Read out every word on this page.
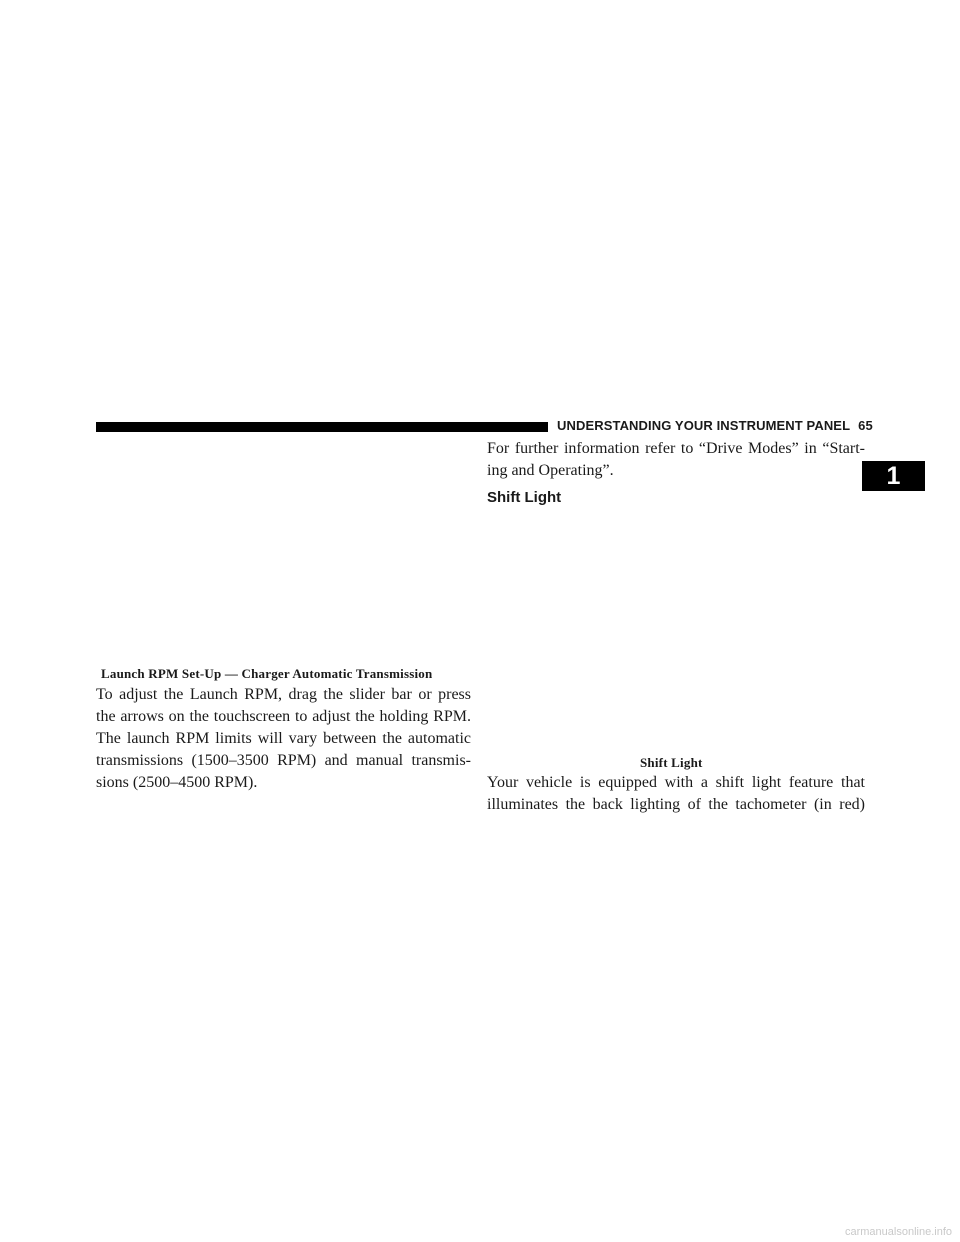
UNDERSTANDING YOUR INSTRUMENT PANEL 65
1
Launch RPM Set-Up — Charger Automatic Transmission
To adjust the Launch RPM, drag the slider bar or press
the arrows on the touchscreen to adjust the holding RPM.
The launch RPM limits will vary between the automatic
transmissions (1500–3500 RPM) and manual transmis-
sions (2500–4500 RPM).
For further information refer to “Drive Modes” in “Start-
ing and Operating”.
Shift Light
Shift Light
Your vehicle is equipped with a shift light feature that
illuminates the back lighting of the tachometer (in red)
carmanualsonline.info
